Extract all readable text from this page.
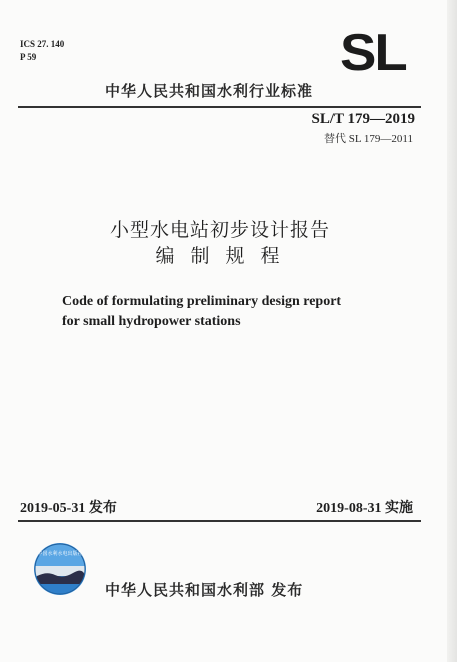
ICS 27. 140
P 59	SL
中华人民共和国水利行业标准
SL/T 179—2019
替代 SL 179—2011
小型水电站初步设计报告
编 制 规 程
Code of formulating preliminary design report
for small hydropower stations
2019-05-31 发布	2019-08-31 实施
中国水利水电出版社
中华人民共和国水利部 发布
